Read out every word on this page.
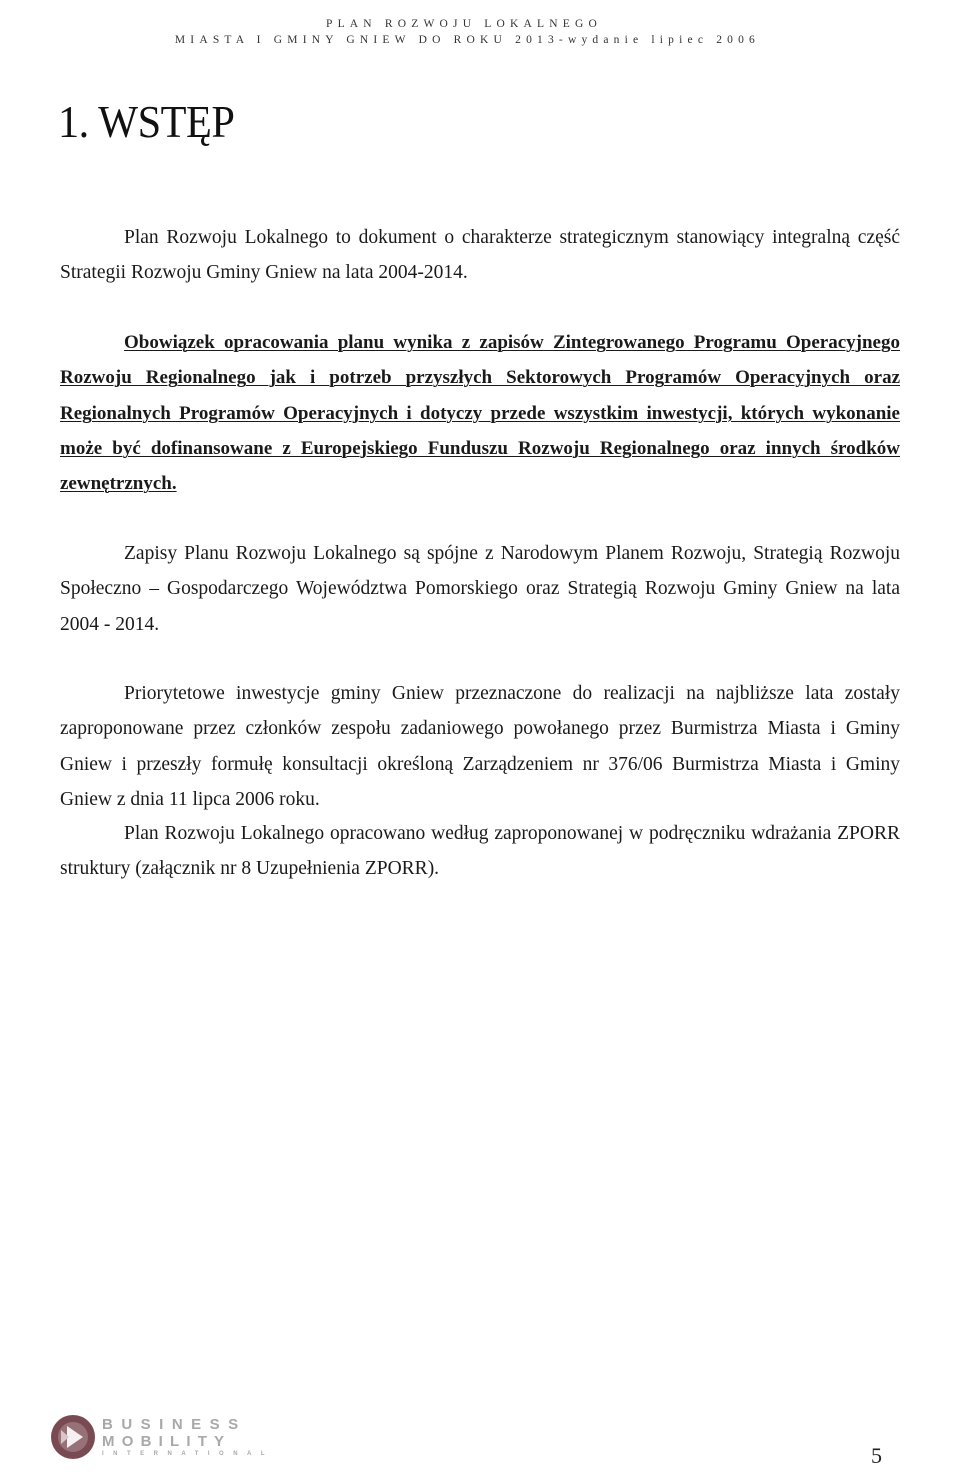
PLAN ROZWOJU LOKALNEGO
MIASTA I GMINY GNIEW DO ROKU 2013-wydanie lipiec 2006
1. WSTĘP

Plan Rozwoju Lokalnego to dokument o charakterze strategicznym stanowiący integralną część Strategii Rozwoju Gminy Gniew na lata 2004-2014.

Obowiązek opracowania planu wynika z zapisów Zintegrowanego Programu Operacyjnego Rozwoju Regionalnego jak i potrzeb przyszłych Sektorowych Programów Operacyjnych oraz Regionalnych Programów Operacyjnych i dotyczy przede wszystkim inwestycji, których wykonanie może być dofinansowane z Europejskiego Funduszu Rozwoju Regionalnego oraz innych środków zewnętrznych.

Zapisy Planu Rozwoju Lokalnego są spójne z Narodowym Planem Rozwoju, Strategią Rozwoju Społeczno – Gospodarczego Województwa Pomorskiego oraz Strategią Rozwoju Gminy Gniew na lata 2004 - 2014.

Priorytetowe inwestycje gminy Gniew przeznaczone do realizacji na najbliższe lata zostały zaproponowane przez członków zespołu zadaniowego powołanego przez Burmistrza Miasta i Gminy Gniew i przeszły formułę konsultacji określoną Zarządzeniem nr 376/06 Burmistrza Miasta i Gminy Gniew z dnia 11 lipca 2006 roku.

Plan Rozwoju Lokalnego opracowano według zaproponowanej w podręczniku wdrażania ZPORR struktury (załącznik nr 8 Uzupełnienia ZPORR).

BUSINESS
MOBILITY
INTERNATIONAL	5
